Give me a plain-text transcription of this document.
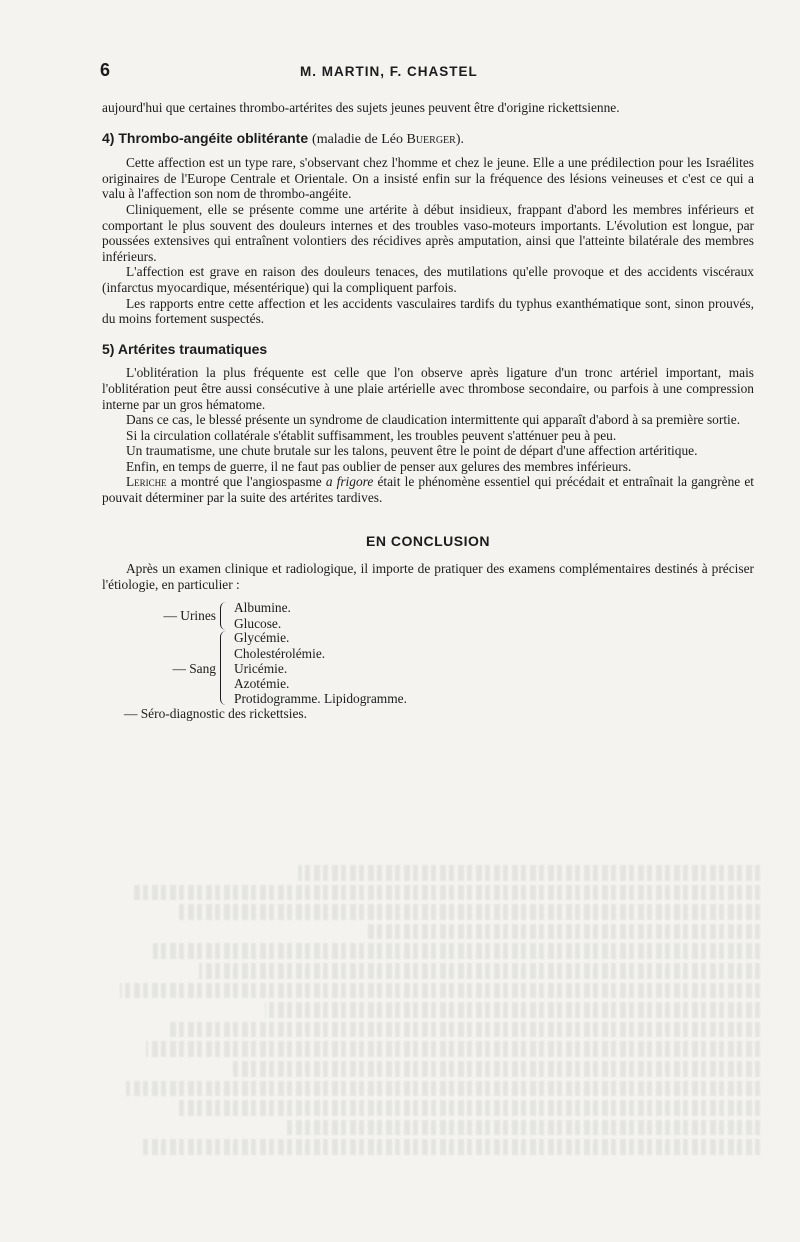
6	M. MARTIN, F. CHASTEL

aujourd'hui que certaines thrombo-artérites des sujets jeunes peuvent être d'origine rickettsienne.

4) Thrombo-angéite oblitérante (maladie de Léo Buerger).

Cette affection est un type rare, s'observant chez l'homme et chez le jeune. Elle a une prédilection pour les Israélites originaires de l'Europe Centrale et Orientale. On a insisté enfin sur la fréquence des lésions veineuses et c'est ce qui a valu à l'affection son nom de thrombo-angéite.

Cliniquement, elle se présente comme une artérite à début insidieux, frappant d'abord les membres inférieurs et comportant le plus souvent des douleurs internes et des troubles vaso-moteurs importants. L'évolution est longue, par poussées extensives qui entraînent volontiers des récidives après amputation, ainsi que l'atteinte bilatérale des membres inférieurs.

L'affection est grave en raison des douleurs tenaces, des mutilations qu'elle provoque et des accidents viscéraux (infarctus myocardique, mésentérique) qui la compliquent parfois.

Les rapports entre cette affection et les accidents vasculaires tardifs du typhus exanthématique sont, sinon prouvés, du moins fortement suspectés.

5) Artérites traumatiques

L'oblitération la plus fréquente est celle que l'on observe après ligature d'un tronc artériel important, mais l'oblitération peut être aussi consécutive à une plaie artérielle avec thrombose secondaire, ou parfois à une compression interne par un gros hématome.

Dans ce cas, le blessé présente un syndrome de claudication intermittente qui apparaît d'abord à sa première sortie.

Si la circulation collatérale s'établit suffisamment, les troubles peuvent s'atténuer peu à peu.

Un traumatisme, une chute brutale sur les talons, peuvent être le point de départ d'une affection artéritique.

Enfin, en temps de guerre, il ne faut pas oublier de penser aux gelures des membres inférieurs.

Leriche a montré que l'angiospasme a frigore était le phénomène essentiel qui précédait et entraînait la gangrène et pouvait déterminer par la suite des artérites tardives.

EN CONCLUSION

Après un examen clinique et radiologique, il importe de pratiquer des examens complémentaires destinés à préciser l'étiologie, en particulier :

— Urines Albumine.
Glucose.
— Sang
Glycémie.
Cholestérolémie.
Uricémie.
Azotémie.
Protidogramme. Lipidogramme.
— Séro-diagnostic des rickettsies.
